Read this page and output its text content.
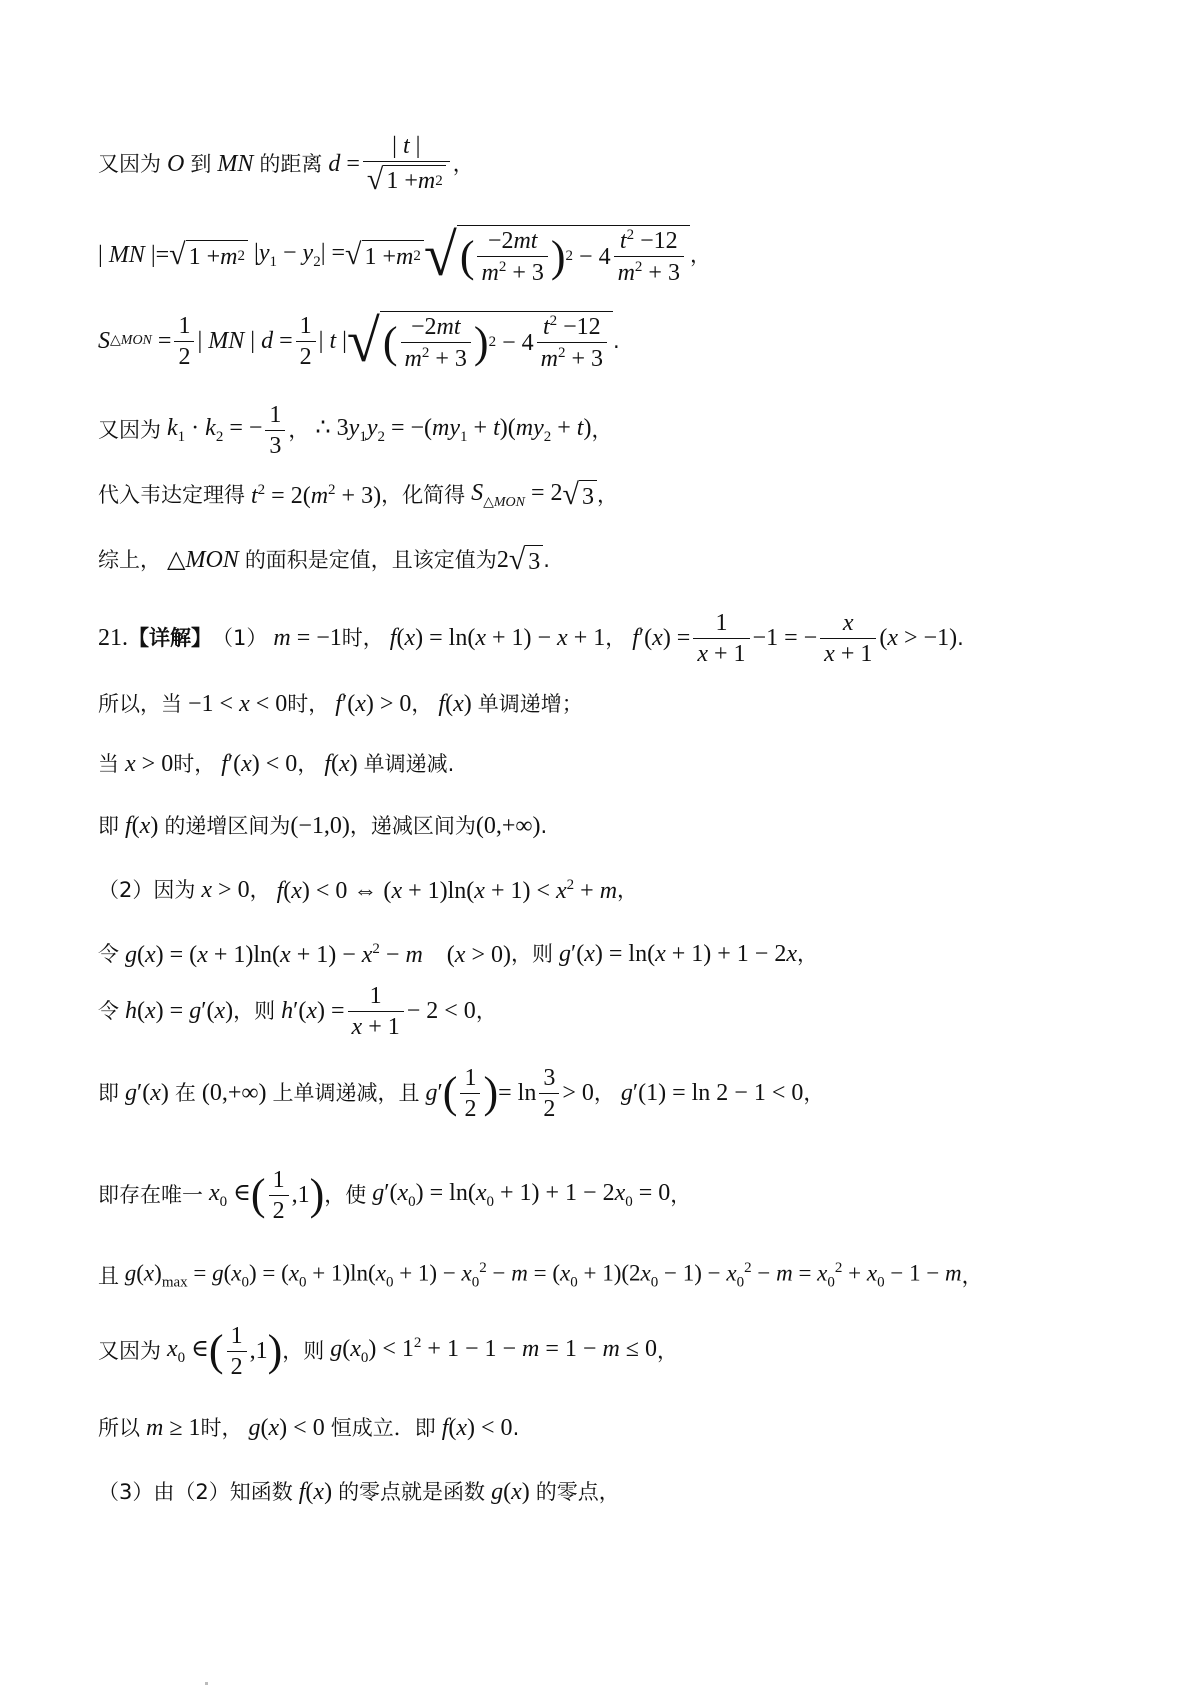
又因为 O 到 MN 的距离 $d = \frac{| t |}{√ 1 + m 2}$ ，
| MN |= √ 1 + m 2 $|y_1 - y_2|$ = √ 1 + m 2 √ ( $\frac{-2mt}{m^2 + 3}$ ) $2 - 4 \frac{t^2 -12}{m^2 + 3}$ ，
S △MON = $\frac{1}{2}$ | MN | $d = \frac{1}{2}$ | t | √ ( $\frac{-2mt}{m^2 + 3}$ ) $2 - 4 \frac{t^2 -12}{m^2 + 3}$ .
又因为 $k_1 \cdot k_2$ = − $\frac{1}{3}$ ， ∴ $3y_1y_2 = -(my_1 + t)(my_2 + t)$ ，
代入韦达定理得 $t^2 = 2(m^2 + 3)$ ，化简得 $S_{\triangle MON} = 2$ √ 3 ，
综上， △MON 的面积是定值，且该定值为 2 √ 3 .
21. 【详解】 （1） m = −1 时， f(x) = ln(x + 1) − x + 1 ， $f'(x) = \frac{1}{x + 1} -1$ = − $\frac{x}{x + 1} (x > -1)$ .
所以，当 −1 < x < 0 时， f′(x) > 0 ， f(x) 单调递增；
当 x > 0 时， f′(x) < 0 ， f(x) 单调递减.
即 f(x) 的递增区间为 (−1,0) ，递减区间为 (0,+∞) .
（2）因为 x > 0 ， f(x) < 0 ⇔ $(x + 1)\ln(x + 1) < x^2 + m$ ，
令 $g(x) = (x + 1)\ln(x + 1) - x^2 - m$    (x > 0) ，则 g′(x) = ln(x + 1) + 1 − 2x ，
令 h(x) = g′(x) ，则 $h'(x) = \frac{1}{x + 1} - 2 < 0$ ，
即 g′(x) 在 (0,+∞) 上单调递减，且 g′ ( $\frac{1}{2}$ ) = $\ln \frac{3}{2} > 0$ ， g′(1) = ln 2 − 1 < 0 ，
即存在唯一 $x_0$ ∈ ( $\frac{1}{2} ,1$ ) ，使 $g'(x_0) = \ln(x_0 + 1) + 1 - 2x_0 = 0$ ，
且 $g(x)_{max} = g(x_0) = (x_0 + 1)\ln(x_0 + 1) - x_0^2 - m = (x_0 + 1)(2x_0 - 1) - x_0^2 - m = x_0^2 + x_0 - 1 - m$ ，
又因为 $x_0$ ∈ ( $\frac{1}{2} ,1$ ) ，则 $g(x_0) < 1^2 + 1 - 1 - m = 1 - m \le 0$ ，
所以 m ≥ 1 时， g(x) < 0 恒成立．即 f(x) < 0 .
（3）由（2）知函数 f(x) 的零点就是函数 g(x) 的零点，
